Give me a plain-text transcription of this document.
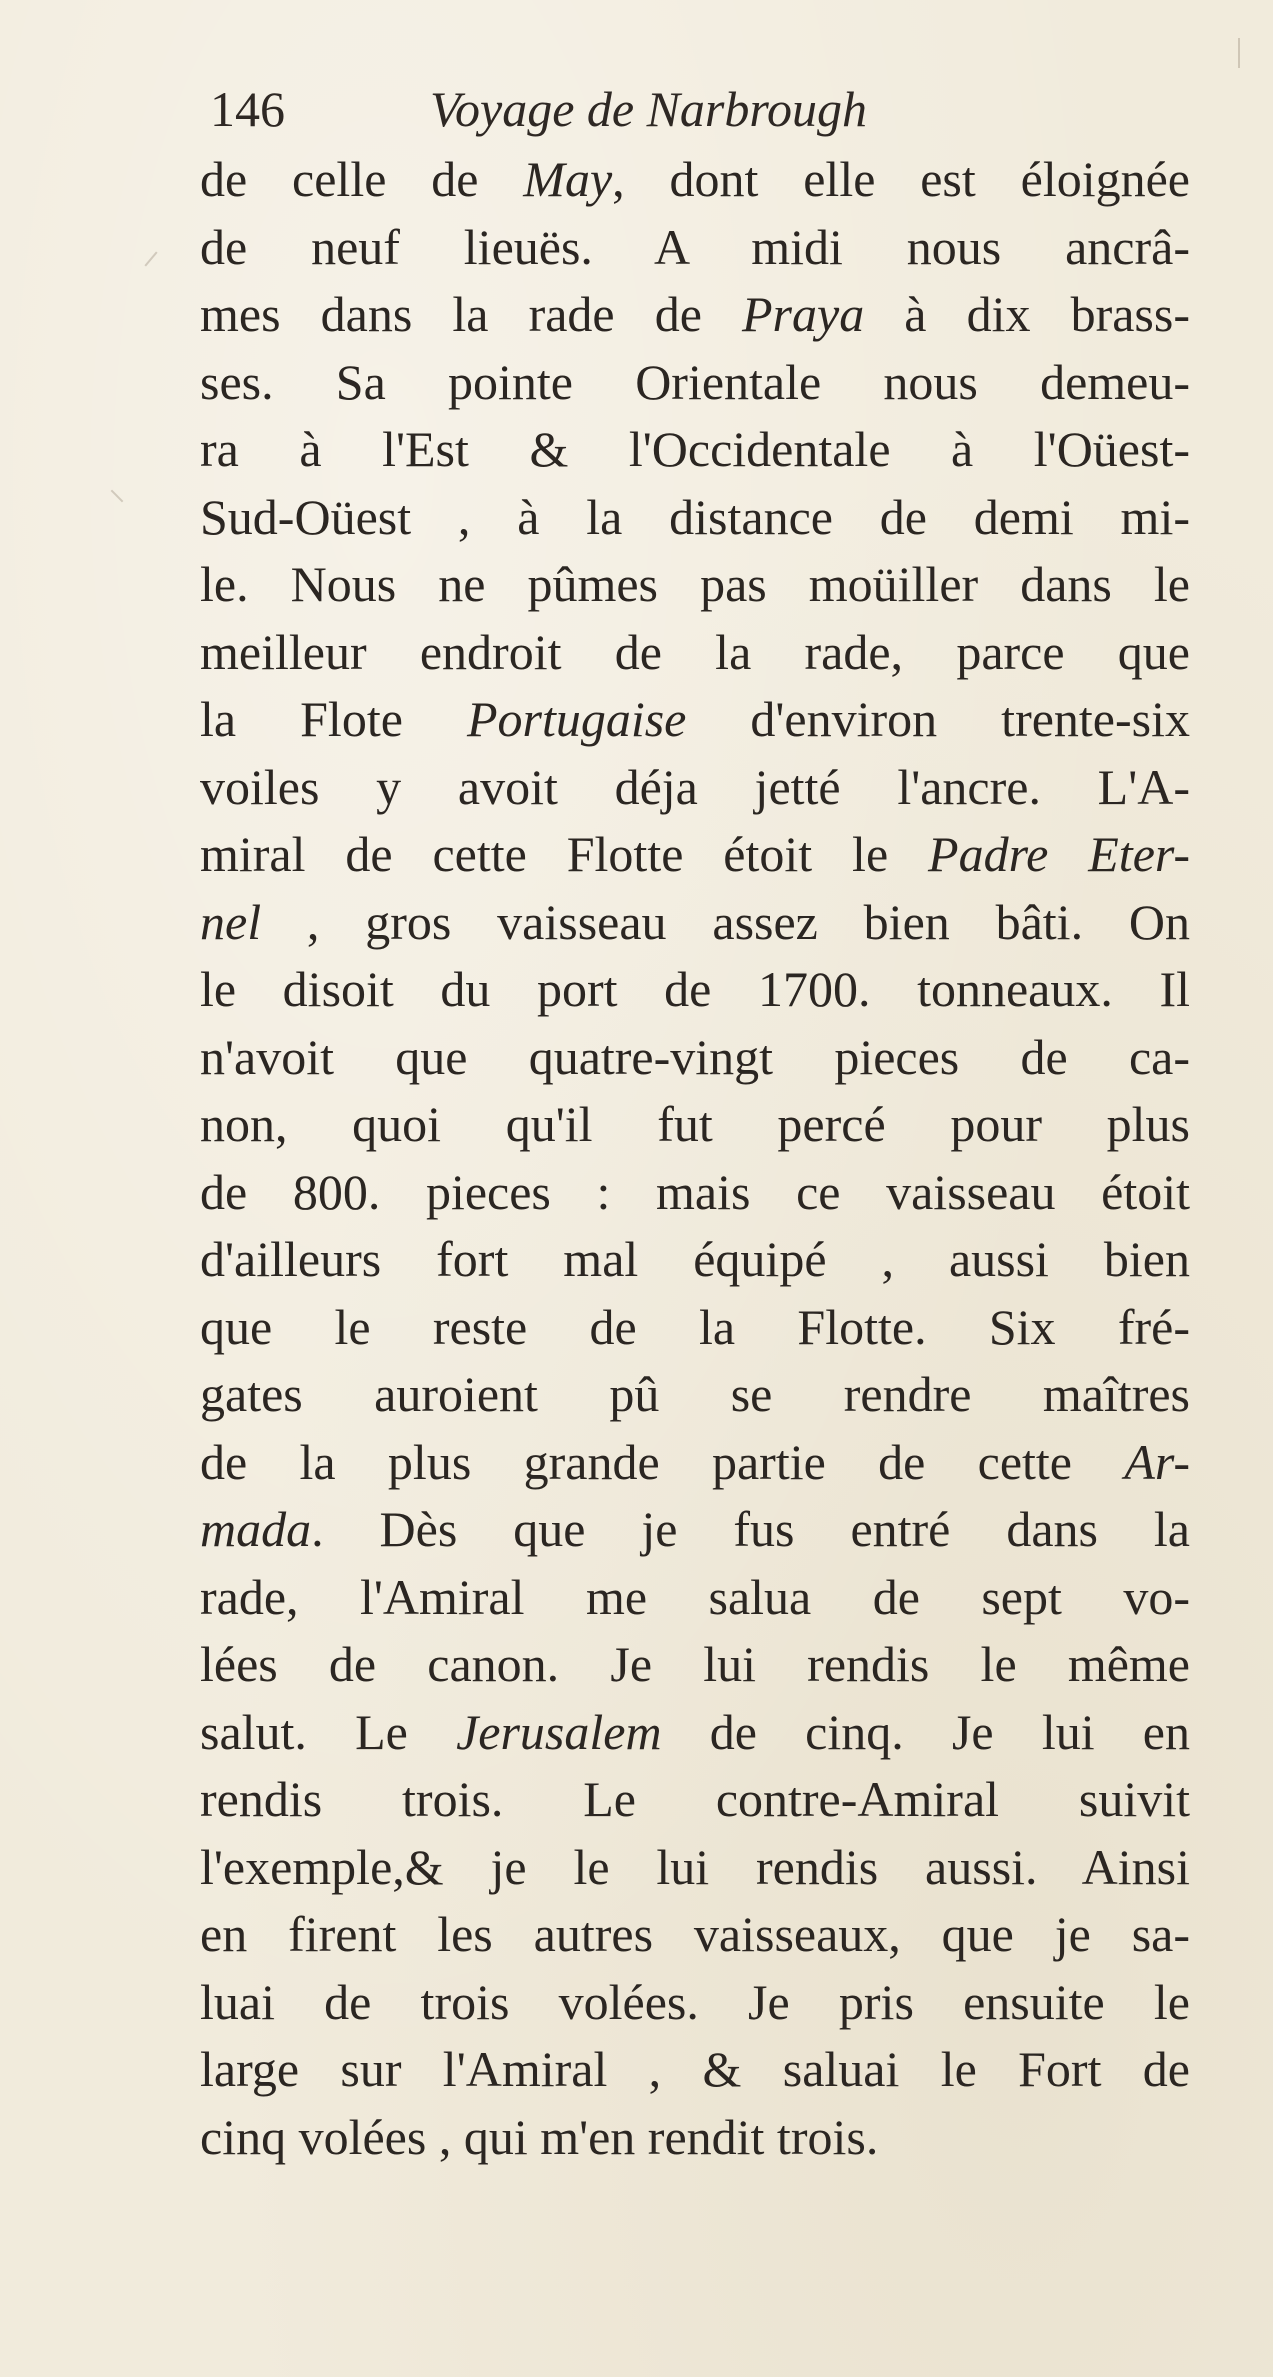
146	Voyage de Narbrough
de celle de May, dont elle est éloignée
de neuf lieuës. A midi nous ancrâ-
mes dans la rade de Praya à dix brass-
ses. Sa pointe Orientale nous demeu-
ra à l'Est & l'Occidentale à l'Oüest-
Sud-Oüest , à la distance de demi mi-
le. Nous ne pûmes pas moüiller dans le
meilleur endroit de la rade, parce que
la Flote Portugaise d'environ trente-six
voiles y avoit déja jetté l'ancre. L'A-
miral de cette Flotte étoit le Padre Eter-
nel , gros vaisseau assez bien bâti. On
le disoit du port de 1700. tonneaux. Il
n'avoit que quatre-vingt pieces de ca-
non, quoi qu'il fut percé pour plus
de 800. pieces : mais ce vaisseau étoit
d'ailleurs fort mal équipé , aussi bien
que le reste de la Flotte. Six fré-
gates auroient pû se rendre maîtres
de la plus grande partie de cette Ar-
mada. Dès que je fus entré dans la
rade, l'Amiral me salua de sept vo-
lées de canon. Je lui rendis le même
salut. Le Jerusalem de cinq. Je lui en
rendis trois. Le contre-Amiral suivit
l'exemple,& je le lui rendis aussi. Ainsi
en firent les autres vaisseaux, que je sa-
luai de trois volées. Je pris ensuite le
large sur l'Amiral , & saluai le Fort de
cinq volées , qui m'en rendit trois.
